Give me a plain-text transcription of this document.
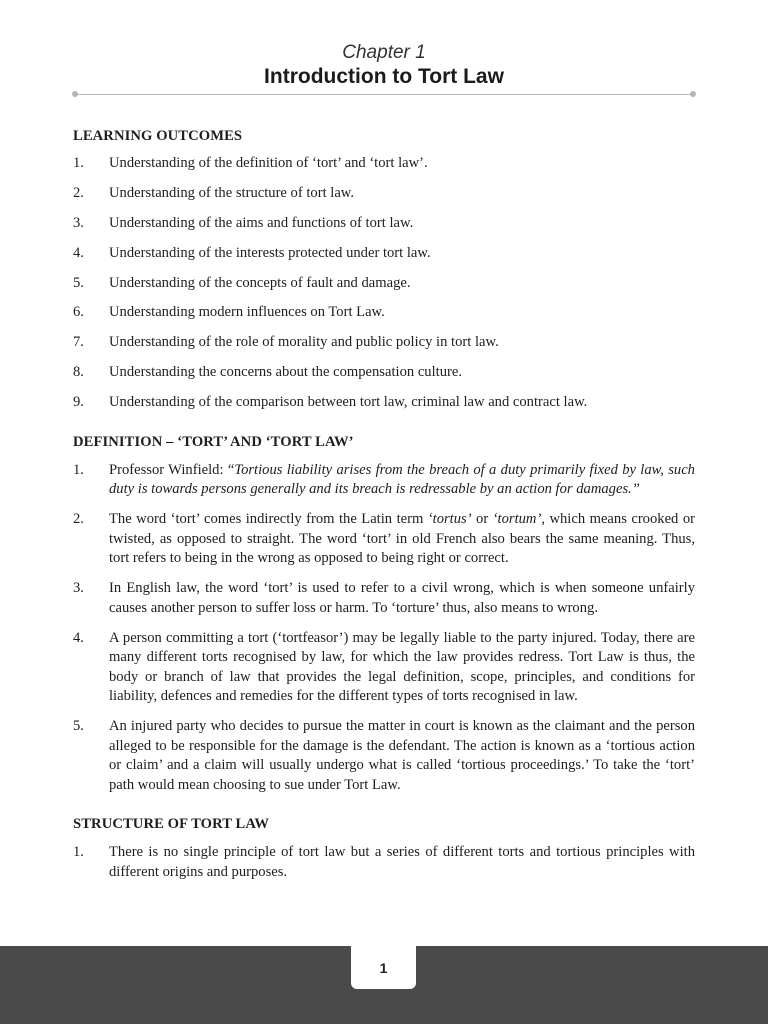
Chapter 1
Introduction to Tort Law
LEARNING OUTCOMES
1. Understanding of the definition of ‘tort’ and ‘tort law’.
2. Understanding of the structure of tort law.
3. Understanding of the aims and functions of tort law.
4. Understanding of the interests protected under tort law.
5. Understanding of the concepts of fault and damage.
6. Understanding modern influences on Tort Law.
7. Understanding of the role of morality and public policy in tort law.
8. Understanding the concerns about the compensation culture.
9. Understanding of the comparison between tort law, criminal law and contract law.
DEFINITION – ‘TORT’ AND ‘TORT LAW’
1. Professor Winfield: “Tortious liability arises from the breach of a duty primarily fixed by law, such duty is towards persons generally and its breach is redressable by an action for damages.”
2. The word ‘tort’ comes indirectly from the Latin term ‘tortus’ or ‘tortum’, which means crooked or twisted, as opposed to straight. The word ‘tort’ in old French also bears the same meaning. Thus, tort refers to being in the wrong as opposed to being right or correct.
3. In English law, the word ‘tort’ is used to refer to a civil wrong, which is when someone unfairly causes another person to suffer loss or harm. To ‘torture’ thus, also means to wrong.
4. A person committing a tort (‘tortfeasor’) may be legally liable to the party injured. Today, there are many different torts recognised by law, for which the law provides redress. Tort Law is thus, the body or branch of law that provides the legal definition, scope, principles, and conditions for liability, defences and remedies for the different types of torts recognised in law.
5. An injured party who decides to pursue the matter in court is known as the claimant and the person alleged to be responsible for the damage is the defendant. The action is known as a ‘tortious action or claim’ and a claim will usually undergo what is called ‘tortious proceedings.’ To take the ‘tort’ path would mean choosing to sue under Tort Law.
STRUCTURE OF TORT LAW
1. There is no single principle of tort law but a series of different torts and tortious principles with different origins and purposes.
1
